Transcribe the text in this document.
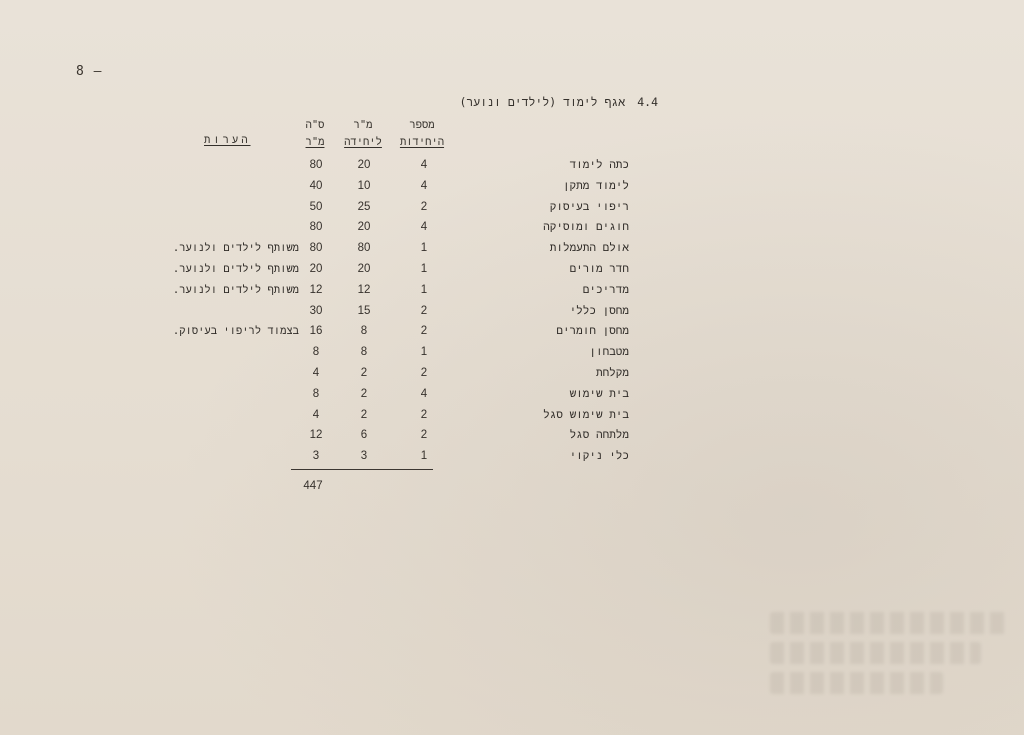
8 –
4.4אגף לימוד (לילדים ונוער)
מספר
היחידות
מ"ר
ליחידה
ס"ה
מ"ר
הערות
כתה לימוד
4
20
80
לימוד מתקן
4
10
40
ריפוי בעיסוק
2
25
50
חוגים ומוסיקה
4
20
80
אולם התעמלות
1
80
80
משותף לילדים ולנוער.
חדר מורים
1
20
20
משותף לילדים ולנוער.
מדריכים
1
12
12
משותף לילדים ולנוער.
מחסן כללי
2
15
30
מחסן חומרים
2
8
16
בצמוד לריפוי בעיסוק.
מטבחון
1
8
8
מקלחת
2
2
4
בית שימוש
4
2
8
בית שימוש סגל
2
2
4
מלתחה סגל
2
6
12
כלי ניקוי
1
3
3
447
